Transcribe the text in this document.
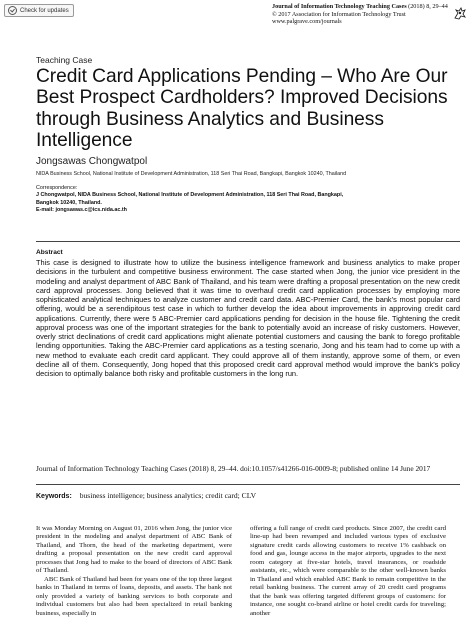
Check for updates
Journal of Information Technology Teaching Cases (2018) 8, 29–44
© 2017 Association for Information Technology Trust
www.palgrave.com/journals
Teaching Case
Credit Card Applications Pending – Who Are Our Best Prospect Cardholders? Improved Decisions through Business Analytics and Business Intelligence
Jongsawas Chongwatpol
NIDA Business School, National Institute of Development Administration, 118 Seri Thai Road, Bangkapi, Bangkok 10240, Thailand
Correspondence:
J Chongwatpol, NIDA Business School, National Institute of Development Administration, 118 Seri Thai Road, Bangkapi,
Bangkok 10240, Thailand.
E-mail: jongsawas.c@ics.nida.ac.th
Abstract

This case is designed to illustrate how to utilize the business intelligence framework and business analytics to make proper decisions in the turbulent and competitive business environment. The case started when Jong, the junior vice president in the modeling and analyst department of ABC Bank of Thailand, and his team were drafting a proposal presentation on the new credit card approval processes. Jong believed that it was time to overhaul credit card application processes by employing more sophisticated analytical techniques to analyze customer and credit card data. ABC-Premier Card, the bank’s most popular card offering, would be a serendipitous test case in which to further develop the idea about improvements in approving credit card applications. Currently, there were 5 ABC-Premier card applications pending for decision in the house file. Tightening the credit approval process was one of the important strategies for the bank to potentially avoid an increase of risky customers. However, overly strict declinations of credit card applications might alienate potential customers and causing the bank to forego profitable lending opportunities. Taking the ABC-Premier card applications as a testing scenario, Jong and his team had to come up with a new method to evaluate each credit card applicant. They could approve all of them instantly, approve some of them, or even decline all of them. Consequently, Jong hoped that this proposed credit card approval method would improve the bank’s policy decision to optimally balance both risky and profitable customers in the long run.

Journal of Information Technology Teaching Cases (2018) 8, 29–44. doi:10.1057/s41266-016-0009-8; published online 14 June 2017
Keywords: business intelligence; business analytics; credit card; CLV

It was Monday Morning on August 01, 2016 when Jong, the junior vice president in the modeling and analyst department of ABC Bank of Thailand, and Thorn, the head of the marketing department, were drafting a proposal presentation on the new credit card approval processes that Jong had to make to the board of directors of ABC Bank of Thailand.

ABC Bank of Thailand had been for years one of the top three largest banks in Thailand in terms of loans, deposits, and assets. The bank not only provided a variety of banking services to both corporate and individual customers but also had been specialized in retail banking business, especially in

offering a full range of credit card products. Since 2007, the credit card line-up had been revamped and included various types of exclusive signature credit cards allowing customers to receive 1% cashback on food and gas, lounge access in the major airports, upgrades to the next room category at five-star hotels, travel insurances, or roadside assistants, etc., which were comparable to the other well-known banks in Thailand and which enabled ABC Bank to remain competitive in the retail banking business. The current array of 20 credit card programs that the bank was offering targeted different groups of customers: for instance, one sought co-brand airline or hotel credit cards for traveling; another
